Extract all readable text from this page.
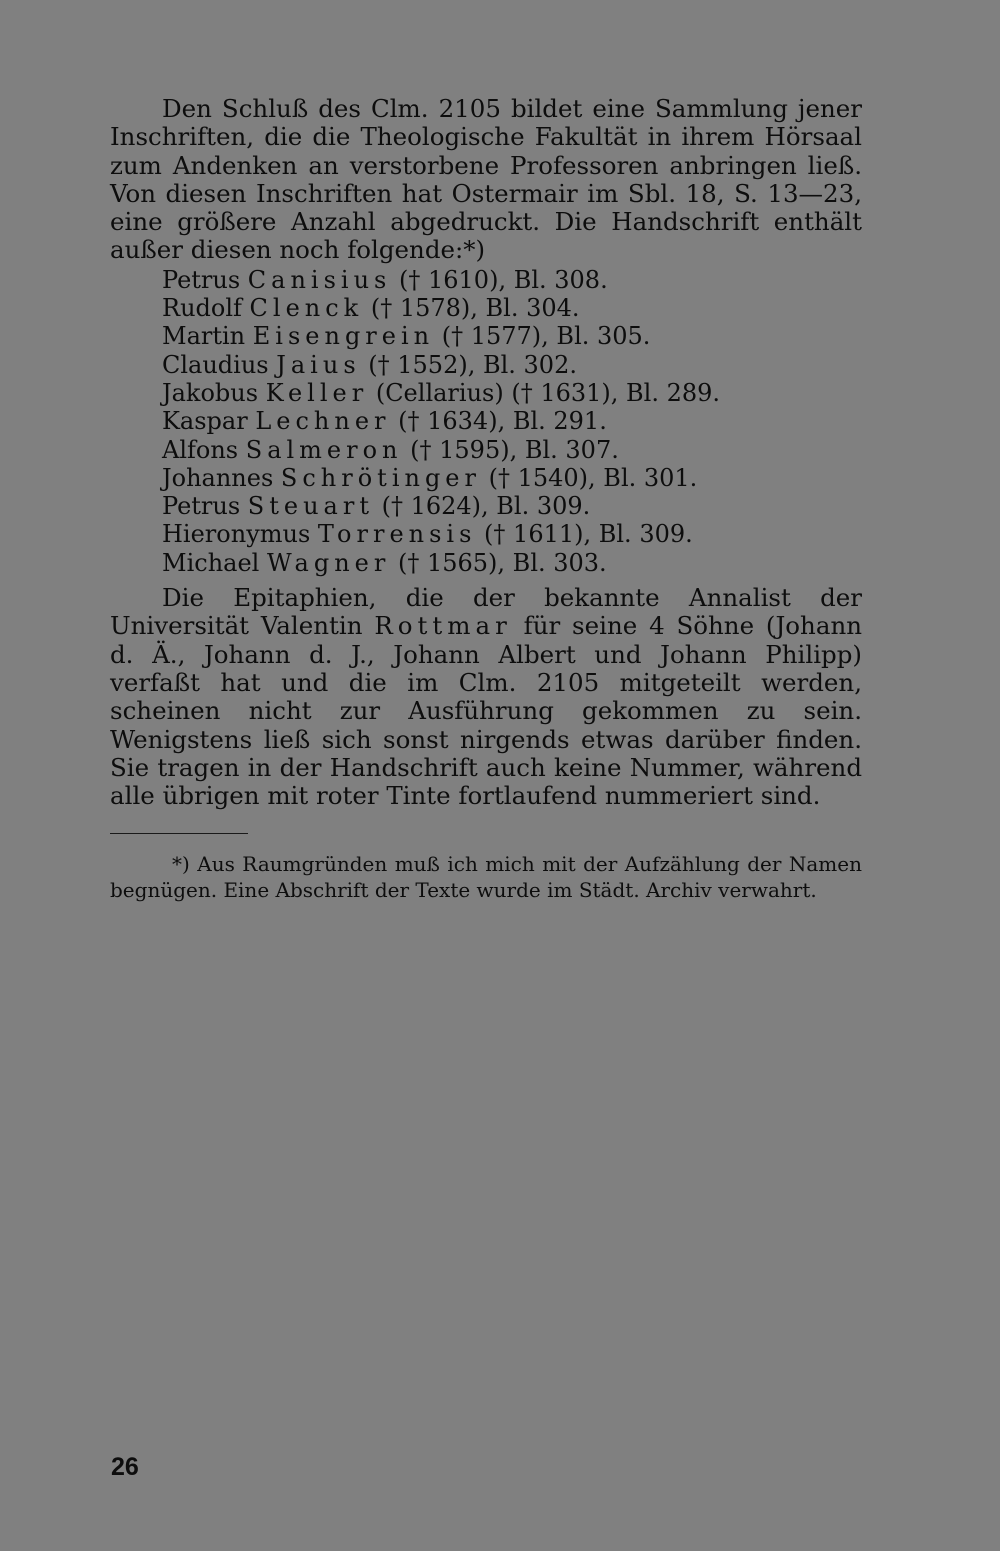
Den Schluß des Clm. 2105 bildet eine Sammlung jener Inschriften, die die Theologische Fakultät in ihrem Hörsaal zum Andenken an verstorbene Professoren anbringen ließ. Von diesen Inschriften hat Ostermair im Sbl. 18, S. 13—23, eine größere Anzahl abgedruckt. Die Handschrift enthält außer diesen noch folgende:*)

Petrus Canisius († 1610), Bl. 308.
Rudolf Clenck († 1578), Bl. 304.
Martin Eisengrein († 1577), Bl. 305.
Claudius Jaius († 1552), Bl. 302.
Jakobus Keller (Cellarius) († 1631), Bl. 289.
Kaspar Lechner († 1634), Bl. 291.
Alfons Salmeron († 1595), Bl. 307.
Johannes Schrötinger († 1540), Bl. 301.
Petrus Steuart († 1624), Bl. 309.
Hieronymus Torrensis († 1611), Bl. 309.
Michael Wagner († 1565), Bl. 303.

Die Epitaphien, die der bekannte Annalist der Universität Valentin Rottmar für seine 4 Söhne (Johann d. Ä., Johann d. J., Johann Albert und Johann Philipp) verfaßt hat und die im Clm. 2105 mitgeteilt werden, scheinen nicht zur Ausführung gekommen zu sein. Wenigstens ließ sich sonst nirgends etwas darüber finden. Sie tragen in der Handschrift auch keine Nummer, während alle übrigen mit roter Tinte fortlaufend nummeriert sind.

*) Aus Raumgründen muß ich mich mit der Aufzählung der Namen begnügen. Eine Abschrift der Texte wurde im Städt. Archiv verwahrt.

26
